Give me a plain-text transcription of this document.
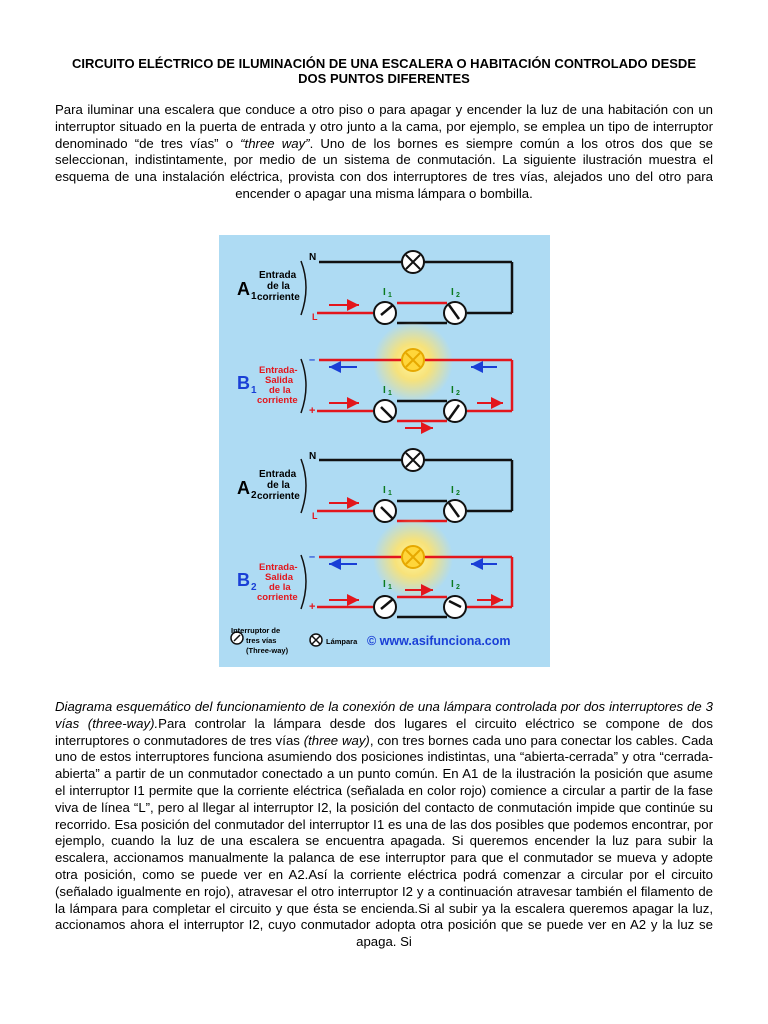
CIRCUITO ELÉCTRICO DE ILUMINACIÓN DE UNA ESCALERA O HABITACIÓN CONTROLADO DESDE DOS PUNTOS DIFERENTES

Para iluminar una escalera que conduce a otro piso o para apagar y encender la luz de una habitación con un interruptor situado en la puerta de entrada y otro junto a la cama, por ejemplo, se emplea un tipo de interruptor denominado “de tres vías” o “three way”. Uno de los bornes es siempre común a los otros dos que se seleccionan, indistintamente, por medio de un sistema de conmutación. La siguiente ilustración muestra el esquema de una instalación eléctrica, provista con dos interruptores de tres vías, alejados uno del otro para encender o apagar una misma lámpara o bombilla.

Entrada
de la
corriente
A 1
N
L
I 1	I 2
Entrada-
Salida
de la
corriente
B 1
–
+
I 1	I 2
Entrada
de la
corriente
A 2
N
L
I 1	I 2
Entrada-
Salida
de la
corriente
B 2
–
+
I 1	I 2
Interruptor de
tres vías
(Three-way)
Lámpara © www.asifunciona.com

Diagrama esquemático del funcionamiento de la conexión de una lámpara controlada por dos interruptores de 3 vías (three-way).Para controlar la lámpara desde dos lugares el circuito eléctrico se compone de dos interruptores o conmutadores de tres vías (three way), con tres bornes cada uno para conectar los cables. Cada uno de estos interruptores funciona asumiendo dos posiciones indistintas, una “abierta-cerrada” y otra “cerrada-abierta” a partir de un conmutador conectado a un punto común. En A1 de la ilustración la posición que asume el interruptor I1 permite que la corriente eléctrica (señalada en color rojo) comience a circular a partir de la fase viva de línea “L”, pero al llegar al interruptor I2, la posición del contacto de conmutación impide que continúe su recorrido. Esa posición del conmutador del interruptor I1 es una de las dos posibles que podemos encontrar, por ejemplo, cuando la luz de una escalera se encuentra apagada. Si queremos encender la luz para subir la escalera, accionamos manualmente la palanca de ese interruptor para que el conmutador se mueva y adopte otra posición, como se puede ver en A2.Así la corriente eléctrica podrá comenzar a circular por el circuito (señalado igualmente en rojo), atravesar el otro interruptor I2 y a continuación atravesar también el filamento de la lámpara para completar el circuito y que ésta se encienda.Si al subir ya la escalera queremos apagar la luz, accionamos ahora el interruptor I2, cuyo conmutador adopta otra posición que se puede ver en A2 y la luz se apaga. Si
